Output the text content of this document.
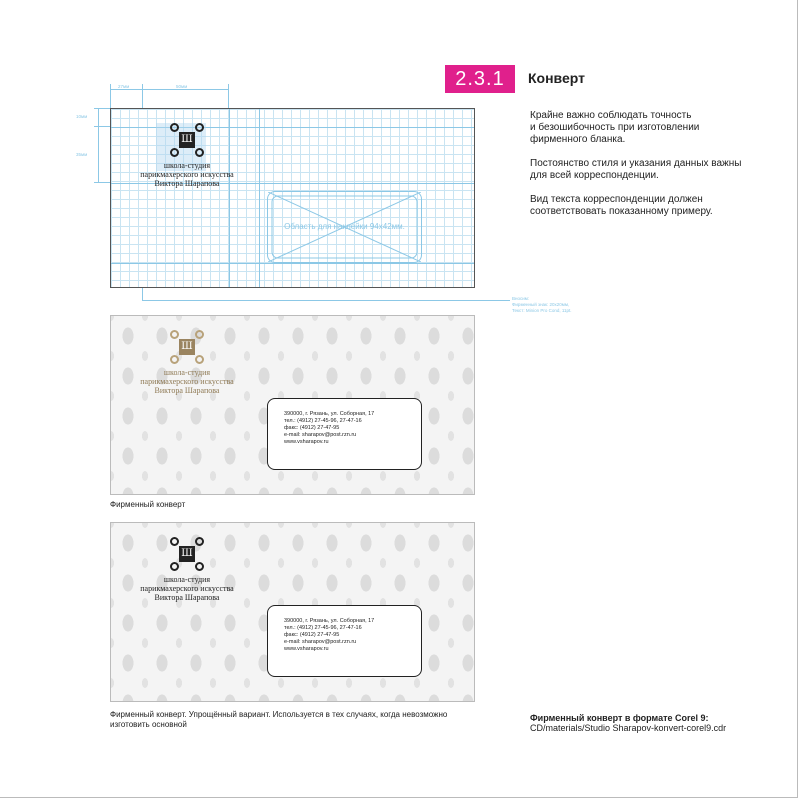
2.3.1	Конверт

Крайне важно соблюдать точность
и безошибочность при изготовлении
фирменного бланка.

Постоянство стиля и указания данных важны
для всей корреспонденции.

Вид текста корреспонденции должен
соответствовать показанному примеру.

27мм	50мм
10мм
35мм
Вносим:
Фирменный знак: 20х20мм,
Текст: Minion Pro Cond, 11pt.
Ш
школа-студия
парикмахерского искусства
Виктора Шарапова
Область для наклейки 94х42мм.
Ш
школа-студия
парикмахерского искусства
Виктора Шарапова
390000, г. Рязань, ул. Соборная, 17
тел.: (4912) 27-45-96, 27-47-16
факс: (4912) 27-47-95
e-mail: sharapov@post.rzn.ru
www.vsharapov.ru
Фирменный конверт
Ш
школа-студия
парикмахерского искусства
Виктора Шарапова
390000, г. Рязань, ул. Соборная, 17
тел.: (4912) 27-45-96, 27-47-16
факс: (4912) 27-47-95
e-mail: sharapov@post.rzn.ru
www.vsharapov.ru
Фирменный конверт. Упрощённый вариант. Используется в тех случаях, когда невозможно изготовить основной
Фирменный конверт в формате Corel 9:
CD/materials/Studio Sharapov-konvert-corel9.cdr
